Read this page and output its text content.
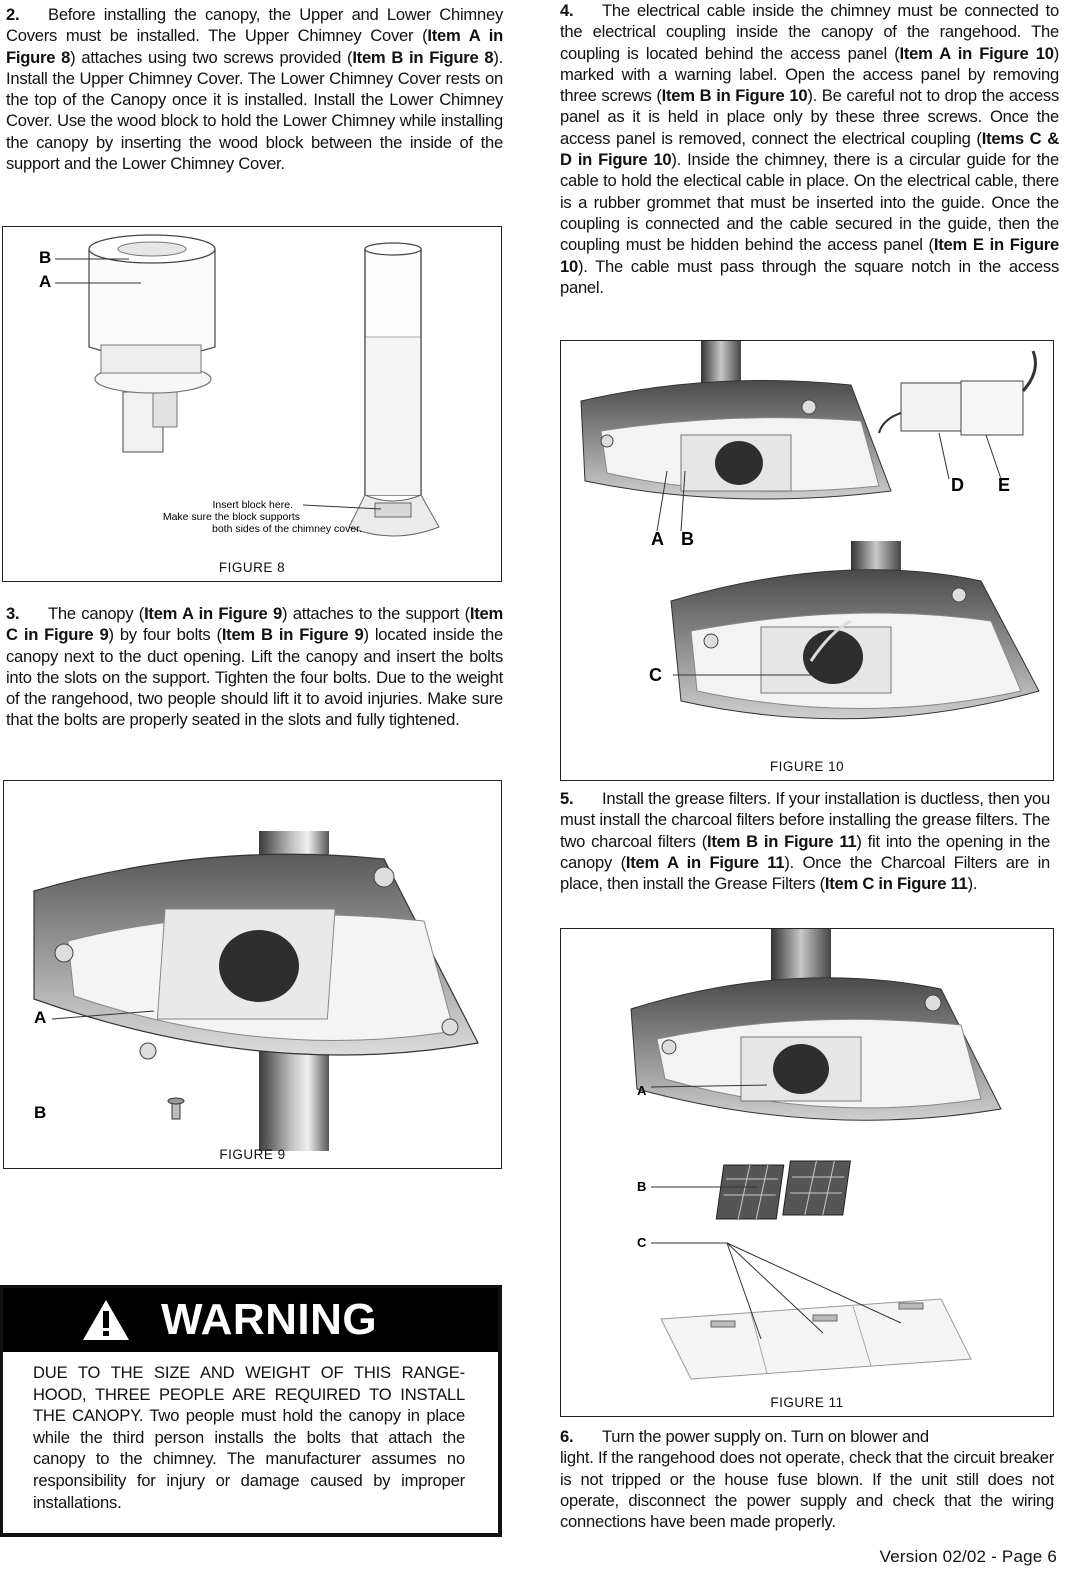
2. Before installing the canopy, the Upper and Lower Chimney Covers must be installed. The Upper Chimney Cover (Item A in Figure 8) attaches using two screws provided (Item B in Figure 8). Install the Upper Chimney Cover. The Lower Chimney Cover rests on the top of the Canopy once it is installed. Install the Lower Chimney Cover. Use the wood block to hold the Lower Chimney while installing the canopy by inserting the wood block between the inside of the support and the Lower Chimney Cover.

B
A
Insert block here.
Make sure the block supports
both sides of the chimney cover.
FIGURE 8

3. The canopy (Item A in Figure 9) attaches to the support (Item C in Figure 9) by four bolts (Item B in Figure 9) located inside the canopy next to the duct opening. Lift the canopy and insert the bolts into the slots on the support. Tighten the four bolts. Due to the weight of the rangehood, two people should lift it to avoid injuries. Make sure that the bolts are properly seated in the slots and fully tightened.

A
B
FIGURE 9
WARNING

DUE TO THE SIZE AND WEIGHT OF THIS RANGE-HOOD, THREE PEOPLE ARE REQUIRED TO INSTALL THE CANOPY. Two people must hold the canopy in place while the third person installs the bolts that attach the canopy to the chimney. The manufacturer assumes no responsibility for injury or damage caused by improper installations.

4. The electrical cable inside the chimney must be connected to the electrical coupling inside the canopy of the rangehood. The coupling is located behind the access panel (Item A in Figure 10) marked with a warning label. Open the access panel by removing three screws (Item B in Figure 10). Be careful not to drop the access panel as it is held in place only by these three screws. Once the access panel is removed, connect the electrical coupling (Items C & D in Figure 10). Inside the chimney, there is a circular guide for the cable to hold the electical cable in place. On the electrical cable, there is a rubber grommet that must be inserted into the guide. Once the coupling is connected and the cable secured in the guide, then the coupling must be hidden behind the access panel (Item E in Figure 10). The cable must pass through the square notch in the access panel.

D E
A B
C
FIGURE 10

5. Install the grease filters. If your installation is ductless, then you must install the charcoal filters before installing the grease filters. The two charcoal filters (Item B in Figure 11) fit into the opening in the canopy (Item A in Figure 11). Once the Charcoal Filters are in place, then install the Grease Filters (Item C in Figure 11).

A
B
C
FIGURE 11

6. Turn the power supply on. Turn on blower and
light. If the rangehood does not operate, check that the circuit breaker is not tripped or the house fuse blown. If the unit still does not operate, disconnect the power supply and check that the wiring connections have been made properly.

Version 02/02 - Page 6
